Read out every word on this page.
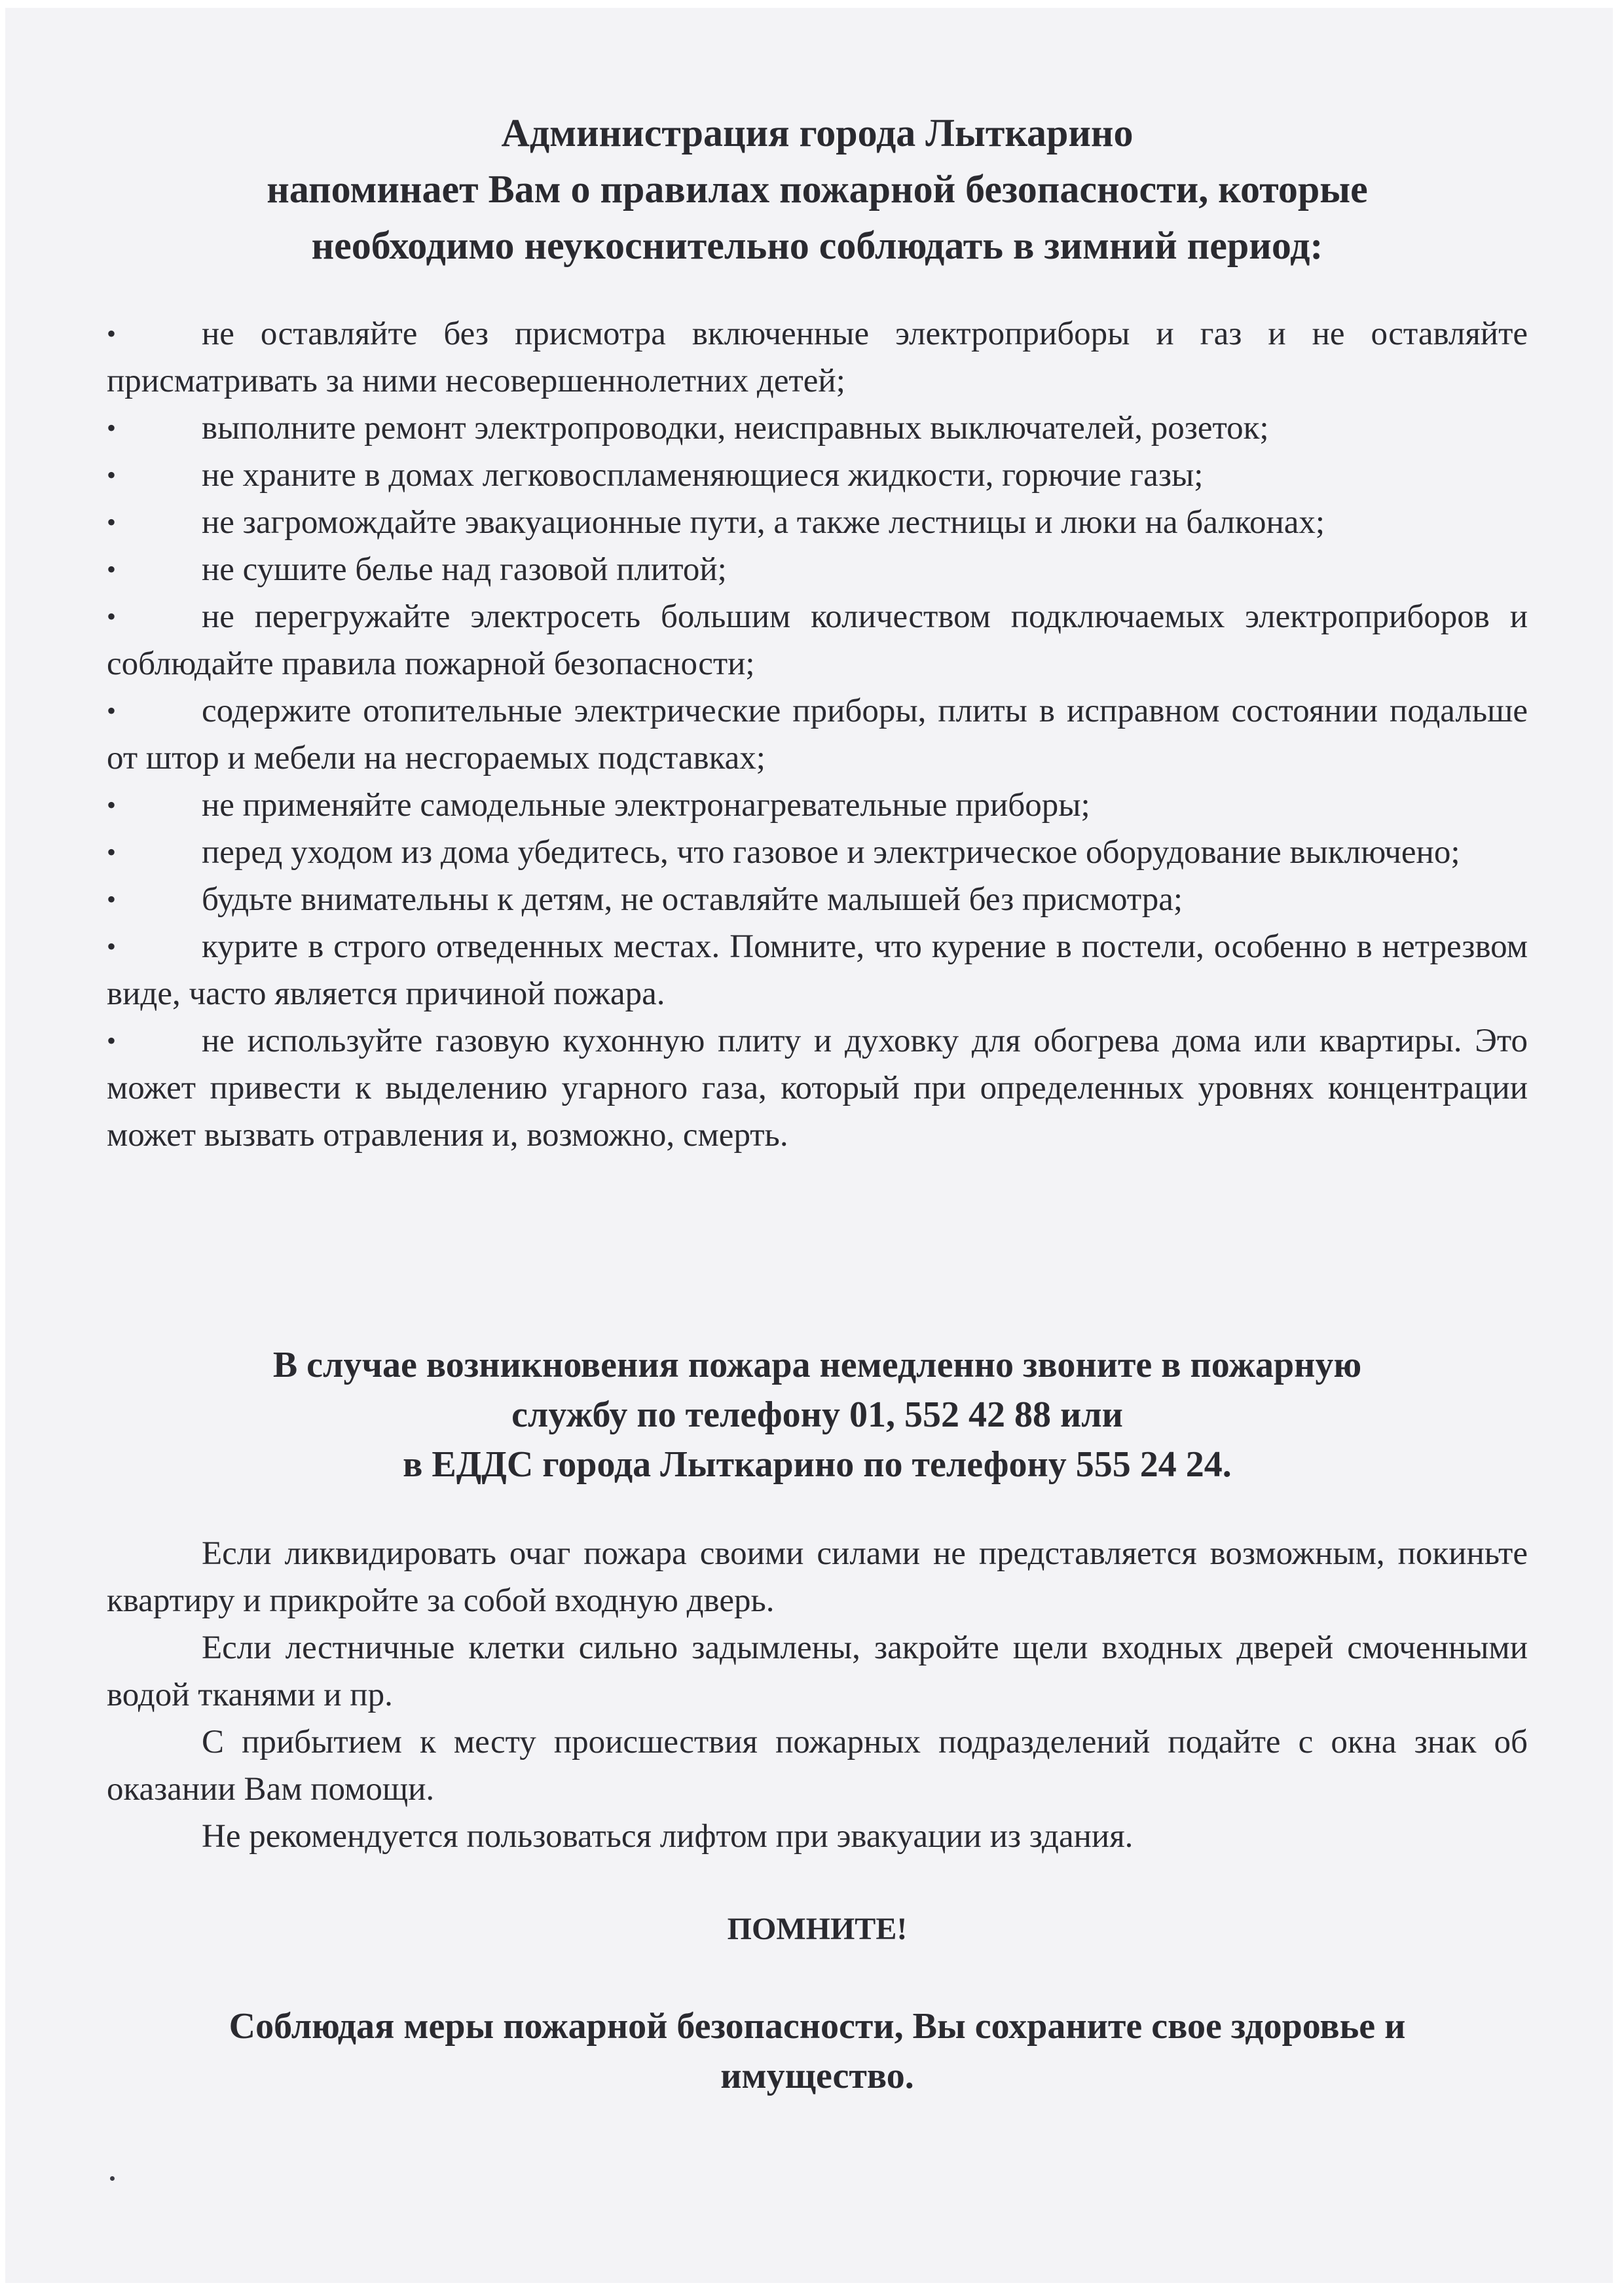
Администрация города Лыткарино
напоминает Вам о правилах пожарной безопасности, которые
необходимо неукоснительно соблюдать в зимний период:
•	не оставляйте без присмотра включенные электроприборы и газ и не оставляйте присматривать за ними несовершеннолетних детей;
•	выполните ремонт электропроводки, неисправных выключателей, розеток;
•	не храните в домах легковоспламеняющиеся жидкости, горючие газы;
•	не загромождайте эвакуационные пути, а также лестницы и люки на балконах;
•	не сушите белье над газовой плитой;
•	не перегружайте электросеть большим количеством подключаемых электроприборов и соблюдайте правила пожарной безопасности;
•	содержите отопительные электрические приборы, плиты в исправном состоянии подальше от штор и мебели на несгораемых подставках;
•	не применяйте самодельные электронагревательные приборы;
•	перед уходом из дома убедитесь, что газовое и электрическое оборудование выключено;
•	будьте внимательны к детям, не оставляйте малышей без присмотра;
•	курите в строго отведенных местах. Помните, что курение в постели, особенно в нетрезвом виде, часто является причиной пожара.
•	не используйте газовую кухонную плиту и духовку для обогрева дома или квартиры. Это может привести к выделению угарного газа, который при определенных уровнях концентрации может вызвать отравления и, возможно, смерть.
В случае возникновения пожара немедленно звоните в пожарную
службу по телефону 01, 552 42 88 или
в ЕДДС города Лыткарино по телефону 555 24 24.

Если ликвидировать очаг пожара своими силами не представляется возможным, покиньте квартиру и прикройте за собой входную дверь.

Если лестничные клетки сильно задымлены, закройте щели входных дверей смоченными водой тканями и пр.

С прибытием к месту происшествия пожарных подразделений подайте с окна знак об оказании Вам помощи.

Не рекомендуется пользоваться лифтом при эвакуации из здания.

ПОМНИТЕ!
Соблюдая меры пожарной безопасности, Вы сохраните свое здоровье и
имущество.
